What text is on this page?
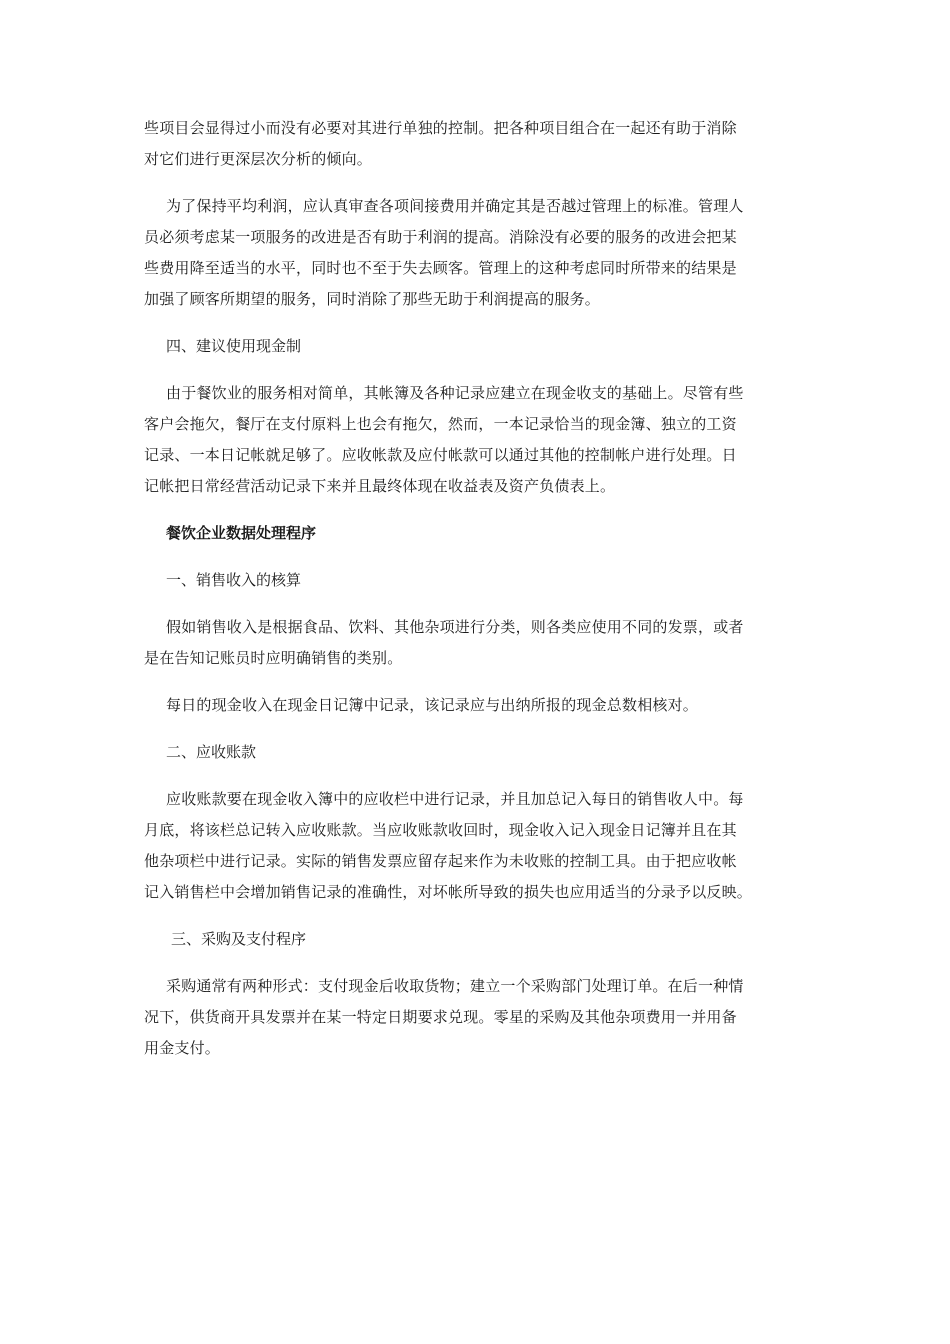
些项目会显得过小而没有必要对其进行单独的控制。把各种项目组合在一起还有助于消除
对它们进行更深层次分析的倾向。
为了保持平均利润，应认真审查各项间接费用并确定其是否越过管理上的标准。管理人
员必须考虑某一项服务的改进是否有助于利润的提高。消除没有必要的服务的改进会把某
些费用降至适当的水平，同时也不至于失去顾客。管理上的这种考虑同时所带来的结果是
加强了顾客所期望的服务，同时消除了那些无助于利润提高的服务。
四、建议使用现金制
由于餐饮业的服务相对简单，其帐簿及各种记录应建立在现金收支的基础上。尽管有些
客户会拖欠，餐厅在支付原料上也会有拖欠，然而，一本记录恰当的现金簿、独立的工资
记录、一本日记帐就足够了。应收帐款及应付帐款可以通过其他的控制帐户进行处理。日
记帐把日常经营活动记录下来并且最终体现在收益表及资产负债表上。
餐饮企业数据处理程序
一、销售收入的核算
假如销售收入是根据食品、饮料、其他杂项进行分类，则各类应使用不同的发票，或者
是在告知记账员时应明确销售的类别。
每日的现金收入在现金日记簿中记录，该记录应与出纳所报的现金总数相核对。
二、应收账款
应收账款要在现金收入簿中的应收栏中进行记录，并且加总记入每日的销售收人中。每
月底，将该栏总记转入应收账款。当应收账款收回时，现金收入记入现金日记簿并且在其
他杂项栏中进行记录。实际的销售发票应留存起来作为未收账的控制工具。由于把应收帐
记入销售栏中会增加销售记录的准确性，对坏帐所导致的损失也应用适当的分录予以反映。
三、采购及支付程序
采购通常有两种形式：支付现金后收取货物；建立一个采购部门处理订单。在后一种情
况下，供货商开具发票并在某一特定日期要求兑现。零星的采购及其他杂项费用一并用备
用金支付。
